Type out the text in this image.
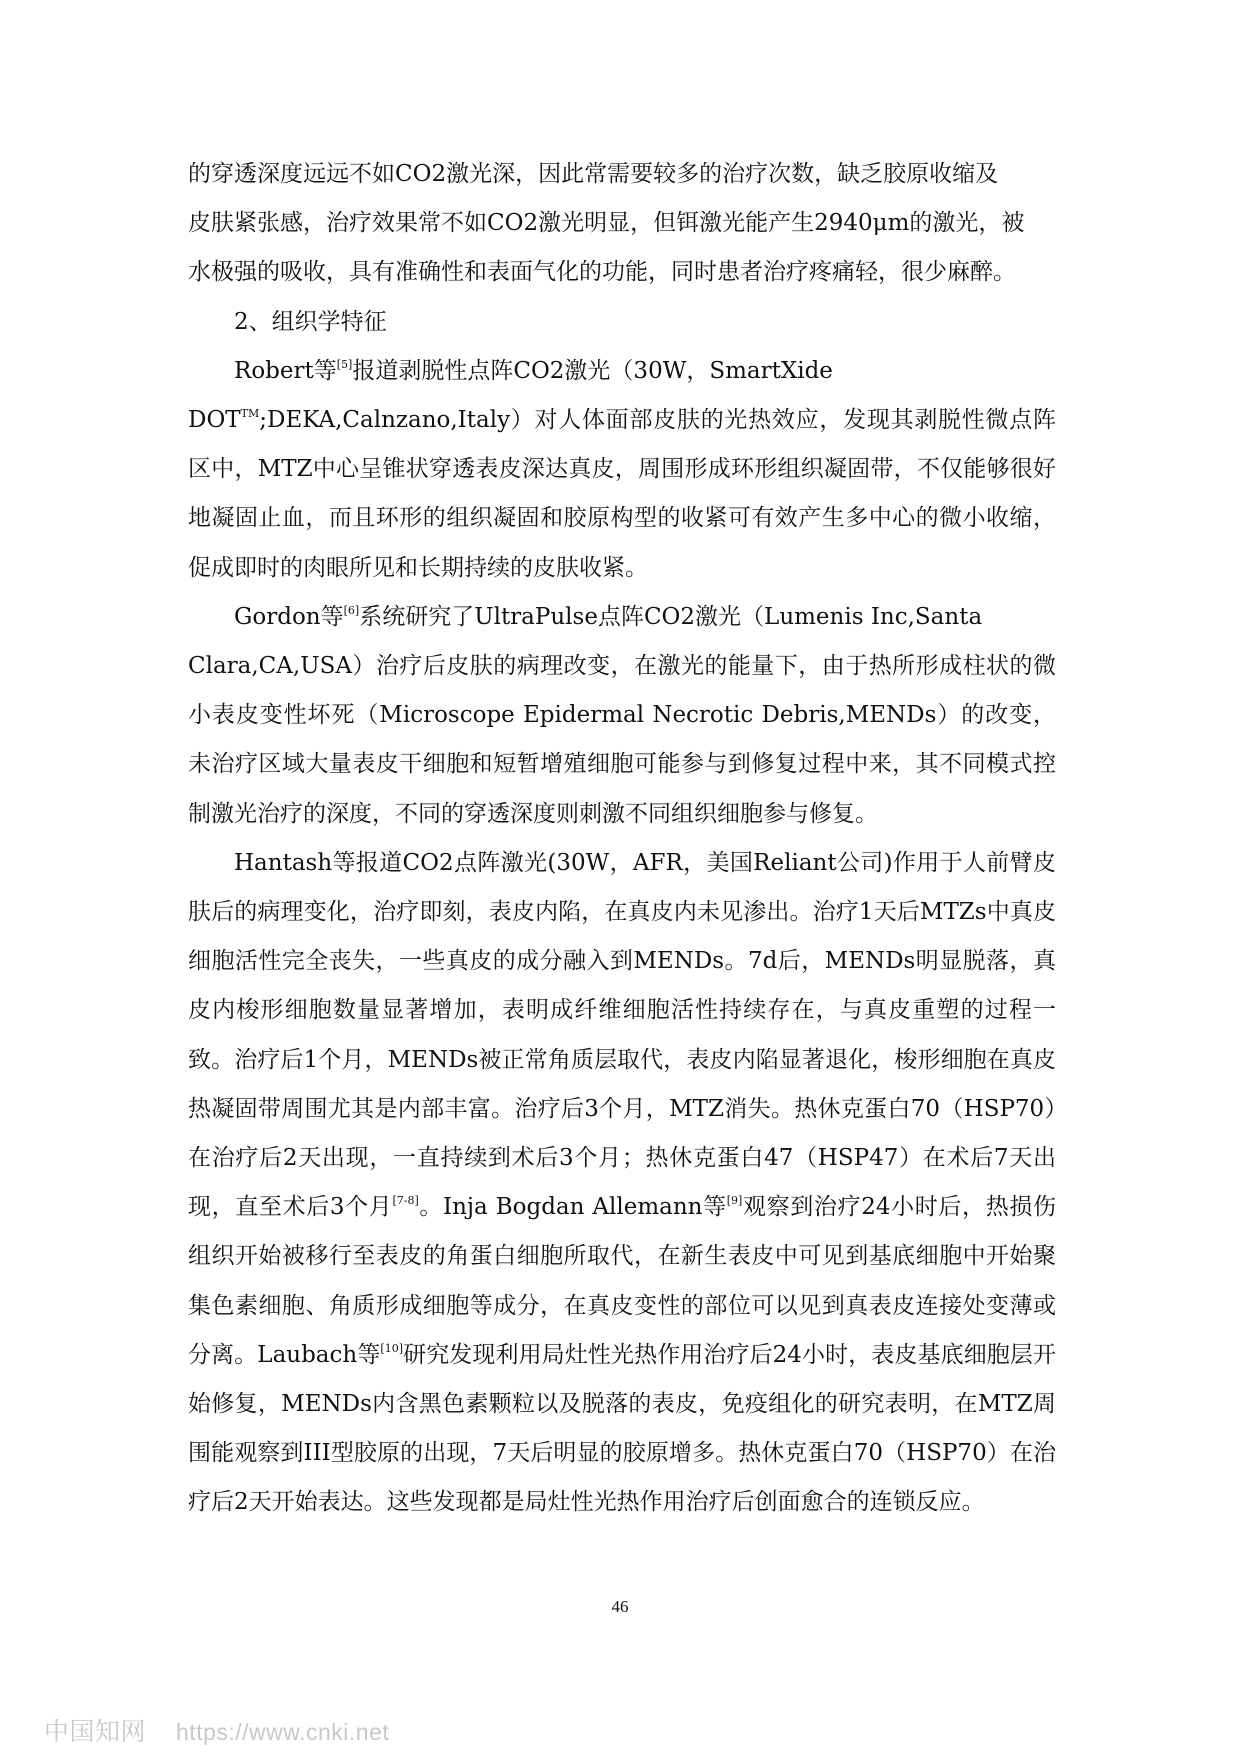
的穿透深度远远不如CO2激光深，因此常需要较多的治疗次数，缺乏胶原收缩及
皮肤紧张感，治疗效果常不如CO2激光明显，但铒激光能产生2940μm的激光，被
水极强的吸收，具有准确性和表面气化的功能，同时患者治疗疼痛轻，很少麻醉。

2、组织学特征

Robert等[5]报道剥脱性点阵CO2激光（30W，SmartXide
DOT™;DEKA,Calnzano,Italy）对人体面部皮肤的光热效应，发现其剥脱性微点阵区中，MTZ中心呈锥状穿透表皮深达真皮，周围形成环形组织凝固带，不仅能够很好地凝固止血，而且环形的组织凝固和胶原构型的收紧可有效产生多中心的微小收缩，促成即时的肉眼所见和长期持续的皮肤收紧。

Gordon等[6]系统研究了UltraPulse点阵CO2激光（Lumenis Inc,Santa
Clara,CA,USA）治疗后皮肤的病理改变，在激光的能量下，由于热所形成柱状的微小表皮变性坏死（Microscope Epidermal Necrotic Debris,MENDs）的改变，未治疗区域大量表皮干细胞和短暂增殖细胞可能参与到修复过程中来，其不同模式控制激光治疗的深度，不同的穿透深度则刺激不同组织细胞参与修复。

Hantash等报道CO2点阵激光(30W，AFR，美国Reliant公司)作用于人前臂皮肤后的病理变化，治疗即刻，表皮内陷，在真皮内未见渗出。治疗1天后MTZs中真皮细胞活性完全丧失，一些真皮的成分融入到MENDs。7d后，MENDs明显脱落，真皮内梭形细胞数量显著增加，表明成纤维细胞活性持续存在，与真皮重塑的过程一致。治疗后1个月，MENDs被正常角质层取代，表皮内陷显著退化，梭形细胞在真皮热凝固带周围尤其是内部丰富。治疗后3个月，MTZ消失。热休克蛋白70（HSP70）在治疗后2天出现，一直持续到术后3个月；热休克蛋白47（HSP47）在术后7天出现，直至术后3个月[7-8]。Inja Bogdan Allemann等[9]观察到治疗24小时后，热损伤组织开始被移行至表皮的角蛋白细胞所取代，在新生表皮中可见到基底细胞中开始聚集色素细胞、角质形成细胞等成分，在真皮变性的部位可以见到真表皮连接处变薄或分离。Laubach等[10]研究发现利用局灶性光热作用治疗后24小时，表皮基底细胞层开始修复，MENDs内含黑色素颗粒以及脱落的表皮，免疫组化的研究表明，在MTZ周围能观察到III型胶原的出现，7天后明显的胶原增多。热休克蛋白70（HSP70）在治疗后2天开始表达。这些发现都是局灶性光热作用治疗后创面愈合的连锁反应。

46
中国知网 https://www.cnki.net
